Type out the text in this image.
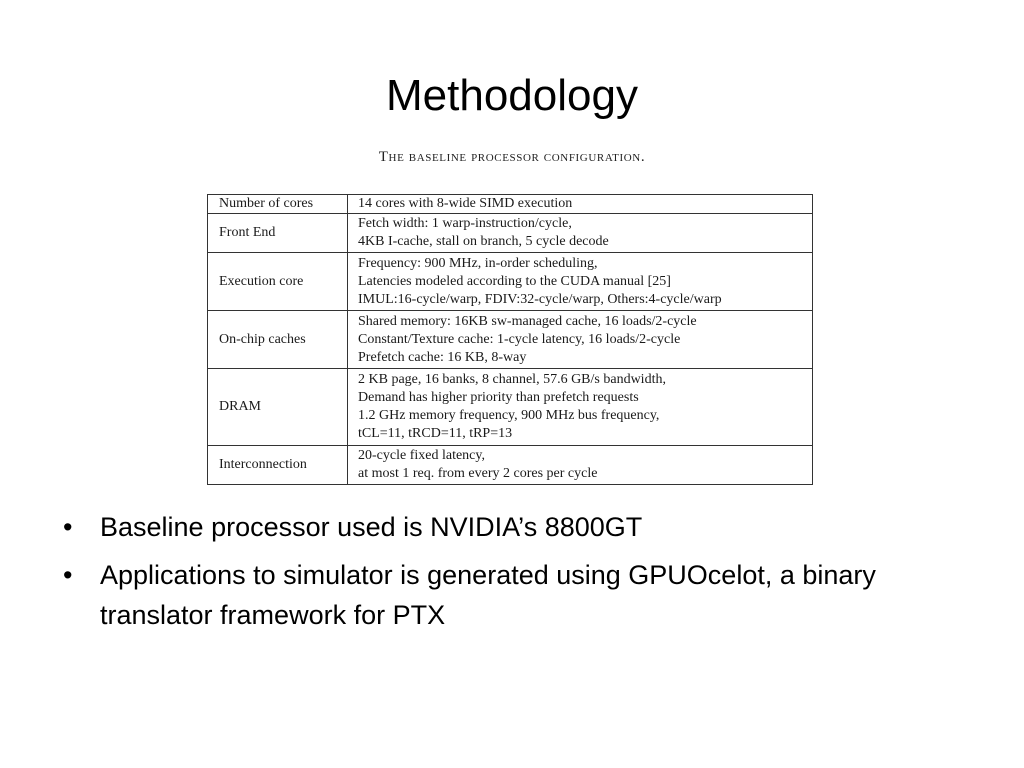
Methodology
The baseline processor configuration.
Number of cores	14 cores with 8-wide SIMD execution

Front End	Fetch width: 1 warp-instruction/cycle,
4KB I-cache, stall on branch, 5 cycle decode

Execution core	Frequency: 900 MHz, in-order scheduling,
Latencies modeled according to the CUDA manual [25]
IMUL:16-cycle/warp, FDIV:32-cycle/warp, Others:4-cycle/warp

On-chip caches	Shared memory: 16KB sw-managed cache, 16 loads/2-cycle
Constant/Texture cache: 1-cycle latency, 16 loads/2-cycle
Prefetch cache: 16 KB, 8-way

DRAM	2 KB page, 16 banks, 8 channel, 57.6 GB/s bandwidth,
Demand has higher priority than prefetch requests
1.2 GHz memory frequency, 900 MHz bus frequency,
tCL=11, tRCD=11, tRP=13

Interconnection	20-cycle fixed latency,
at most 1 req. from every 2 cores per cycle
• Baseline processor used is NVIDIA’s 8800GT
• Applications to simulator is generated using GPUOcelot, a binary translator framework for PTX
